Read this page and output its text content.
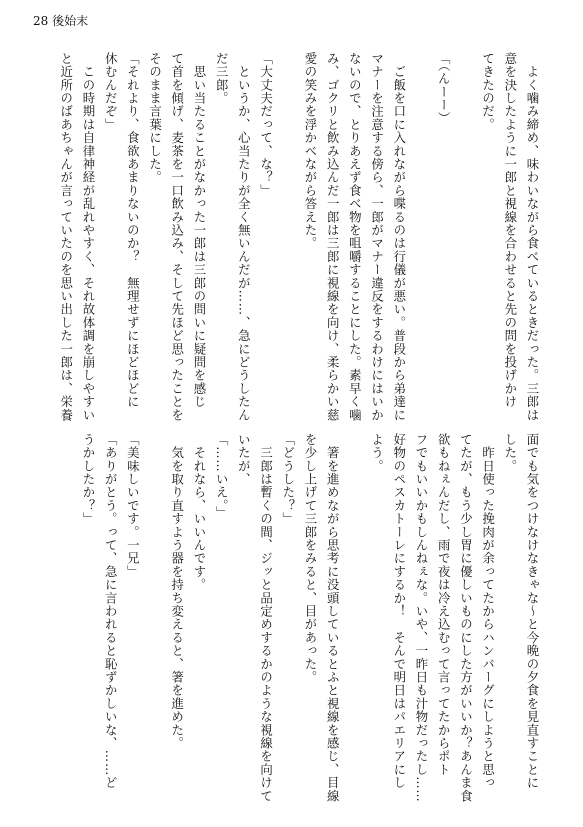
28 後始末
　よく噛み締め、味わいながら食べているときだった。三郎は
意を決したように一郎と視線を合わせると先の問を投げかけ
てきたのだ。

「（んーー）

　ご飯を口に入れながら喋るのは行儀が悪い。普段から弟達に
マナーを注意する傍ら、一郎がマナー違反をするわけにはいか
ないので、とりあえず食べ物を咀嚼することにした。素早く噛
み、ゴクリと飲み込んだ一郎は三郎に視線を向け、柔らかい慈
愛の笑みを浮かべながら答えた。

「大丈夫だって、な？」
　というか、心当たりが全く無いんだが……、急にどうしたん
だ三郎。
　思い当たることがなかった一郎は三郎の問いに疑問を感じ
て首を傾げ、麦茶を一口飲み込み、そして先ほど思ったことを
そのまま言葉にした。
「それより、食欲あまりないのか？　無理せずにほどほどに
休むんだぞ」
　この時期は自律神経が乱れやすく、それ故体調を崩しやすい
と近所のばあちゃんが言っていたのを思い出した一郎は、栄養
面でも気をつけなけなきゃな〜と今晩の夕食を見直すことに
した。
　昨日使った挽肉が余ってたからハンバーグにしようと思っ
てたが、もう少し胃に優しいものにした方がいいか？あんま食
欲もねぇんだし、雨で夜は冷え込むって言ってたからポト
フでもいいかもしんねぇな。いや、一昨日も汁物だったし……
好物のペスカトーレにするか！　そんで明日はパエリアにし
よう。

　箸を進めながら思考に没頭しているとふと視線を感じ、目線
を少し上げて三郎をみると、目があった。
「どうした？」
　三郎は暫くの間、ジッと品定めするかのような視線を向けて
いたが、
「……いえ。」
　それなら、いいんです。
　気を取り直すよう器を持ち変えると、箸を進めた。

「美味しいです。一兄」
「ありがとう。って、急に言われると恥ずかしいな、……ど
うかしたか？」
